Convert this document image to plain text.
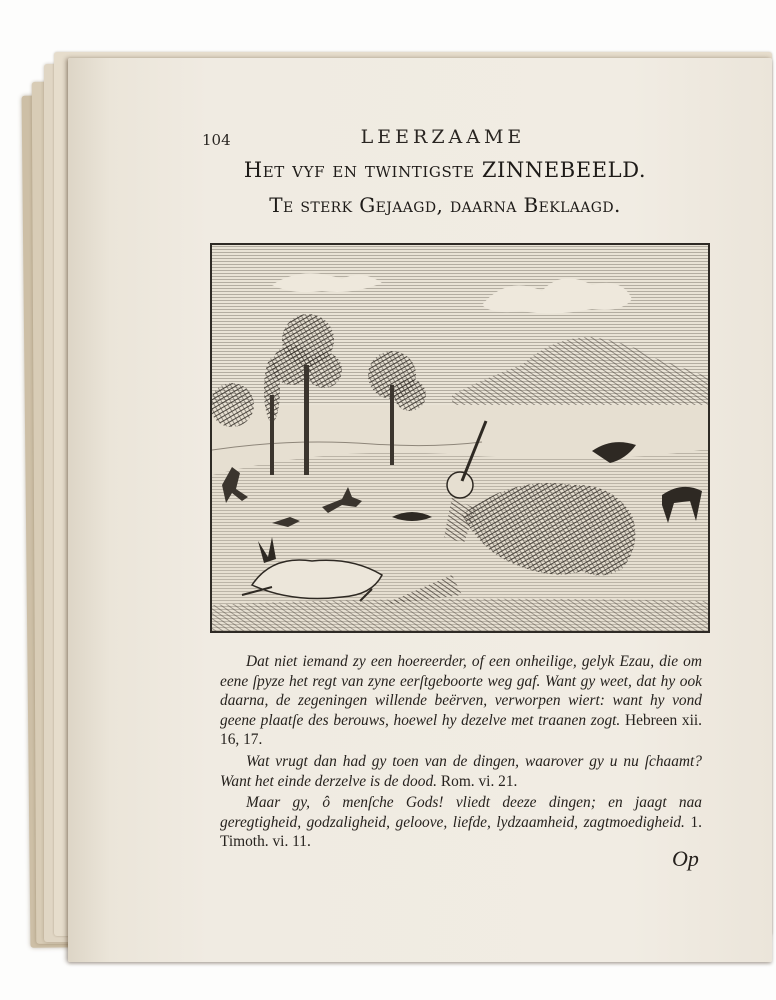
104	LEERZAAME
Het vyf en twintigste ZINNEBEELD.
Te sterk Gejaagd, daarna Beklaagd.

Dat niet iemand zy een hoereerder, of een onheilige, gelyk Ezau, die om eene ſpyze het regt van zyne eerſtgeboorte weg gaf. Want gy weet, dat hy ook daarna, de zegeningen willende beërven, verworpen wiert: want hy vond geene plaatſe des berouws, hoewel hy dezelve met traanen zogt. Hebreen xii. 16, 17.

Wat vrugt dan had gy toen van de dingen, waarover gy u nu ſchaamt? Want het einde derzelve is de dood. Rom. vi. 21.

Maar gy, ô menſche Gods! vliedt deeze dingen; en jaagt naa geregtigheid, godzaligheid, geloove, liefde, lydzaamheid, zagtmoedigheid. 1. Timoth. vi. 11.

Op
